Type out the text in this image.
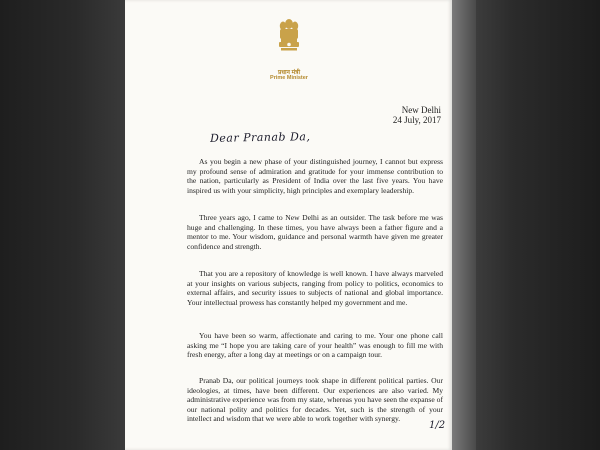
प्रधान मंत्री
Prime Minister
New Delhi
24 July, 2017
Dear Pranab Da,

As you begin a new phase of your distinguished journey, I cannot but express my profound sense of admiration and gratitude for your immense contribution to the nation, particularly as President of India over the last five years. You have inspired us with your simplicity, high principles and exemplary leadership.

Three years ago, I came to New Delhi as an outsider. The task before me was huge and challenging. In these times, you have always been a father figure and a mentor to me. Your wisdom, guidance and personal warmth have given me greater confidence and strength.

That you are a repository of knowledge is well known. I have always marveled at your insights on various subjects, ranging from policy to politics, economics to external affairs, and security issues to subjects of national and global importance. Your intellectual prowess has constantly helped my government and me.

You have been so warm, affectionate and caring to me. Your one phone call asking me “I hope you are taking care of your health” was enough to fill me with fresh energy, after a long day at meetings or on a campaign tour.

Pranab Da, our political journeys took shape in different political parties. Our ideologies, at times, have been different. Our experiences are also varied. My administrative experience was from my state, whereas you have seen the expanse of our national polity and politics for decades. Yet, such is the strength of your intellect and wisdom that we were able to work together with synergy.

1/2
